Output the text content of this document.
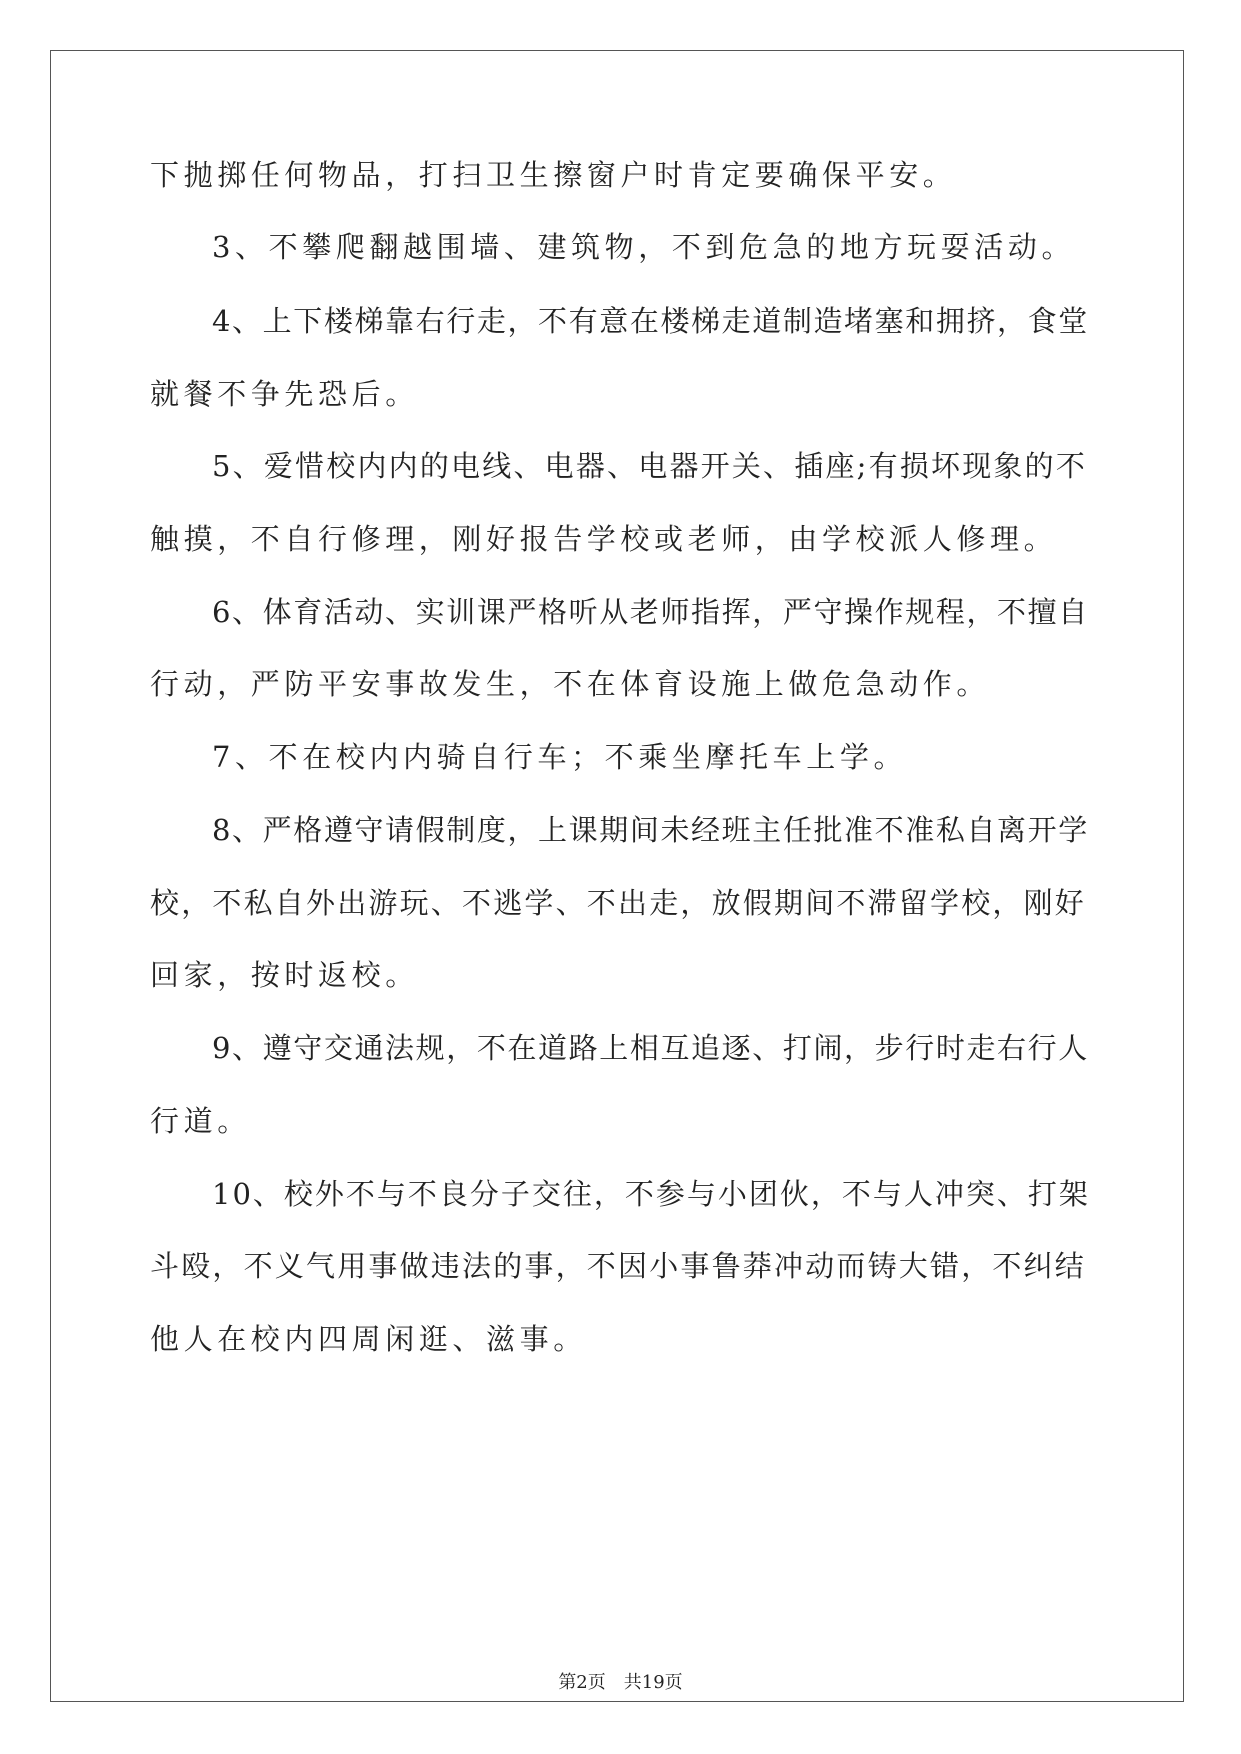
下抛掷任何物品，打扫卫生擦窗户时肯定要确保平安。
3、不攀爬翻越围墙、建筑物，不到危急的地方玩耍活动。
4、上下楼梯靠右行走，不有意在楼梯走道制造堵塞和拥挤，食堂
就餐不争先恐后。
5、爱惜校内内的电线、电器、电器开关、插座;有损坏现象的不
触摸，不自行修理，刚好报告学校或老师，由学校派人修理。
6、体育活动、实训课严格听从老师指挥，严守操作规程，不擅自
行动，严防平安事故发生，不在体育设施上做危急动作。
7、不在校内内骑自行车；不乘坐摩托车上学。
8、严格遵守请假制度，上课期间未经班主任批准不准私自离开学
校，不私自外出游玩、不逃学、不出走，放假期间不滞留学校，刚好
回家，按时返校。
9、遵守交通法规，不在道路上相互追逐、打闹，步行时走右行人
行道。
10、校外不与不良分子交往，不参与小团伙，不与人冲突、打架
斗殴，不义气用事做违法的事，不因小事鲁莽冲动而铸大错，不纠结
他人在校内四周闲逛、滋事。
第2页　共19页
